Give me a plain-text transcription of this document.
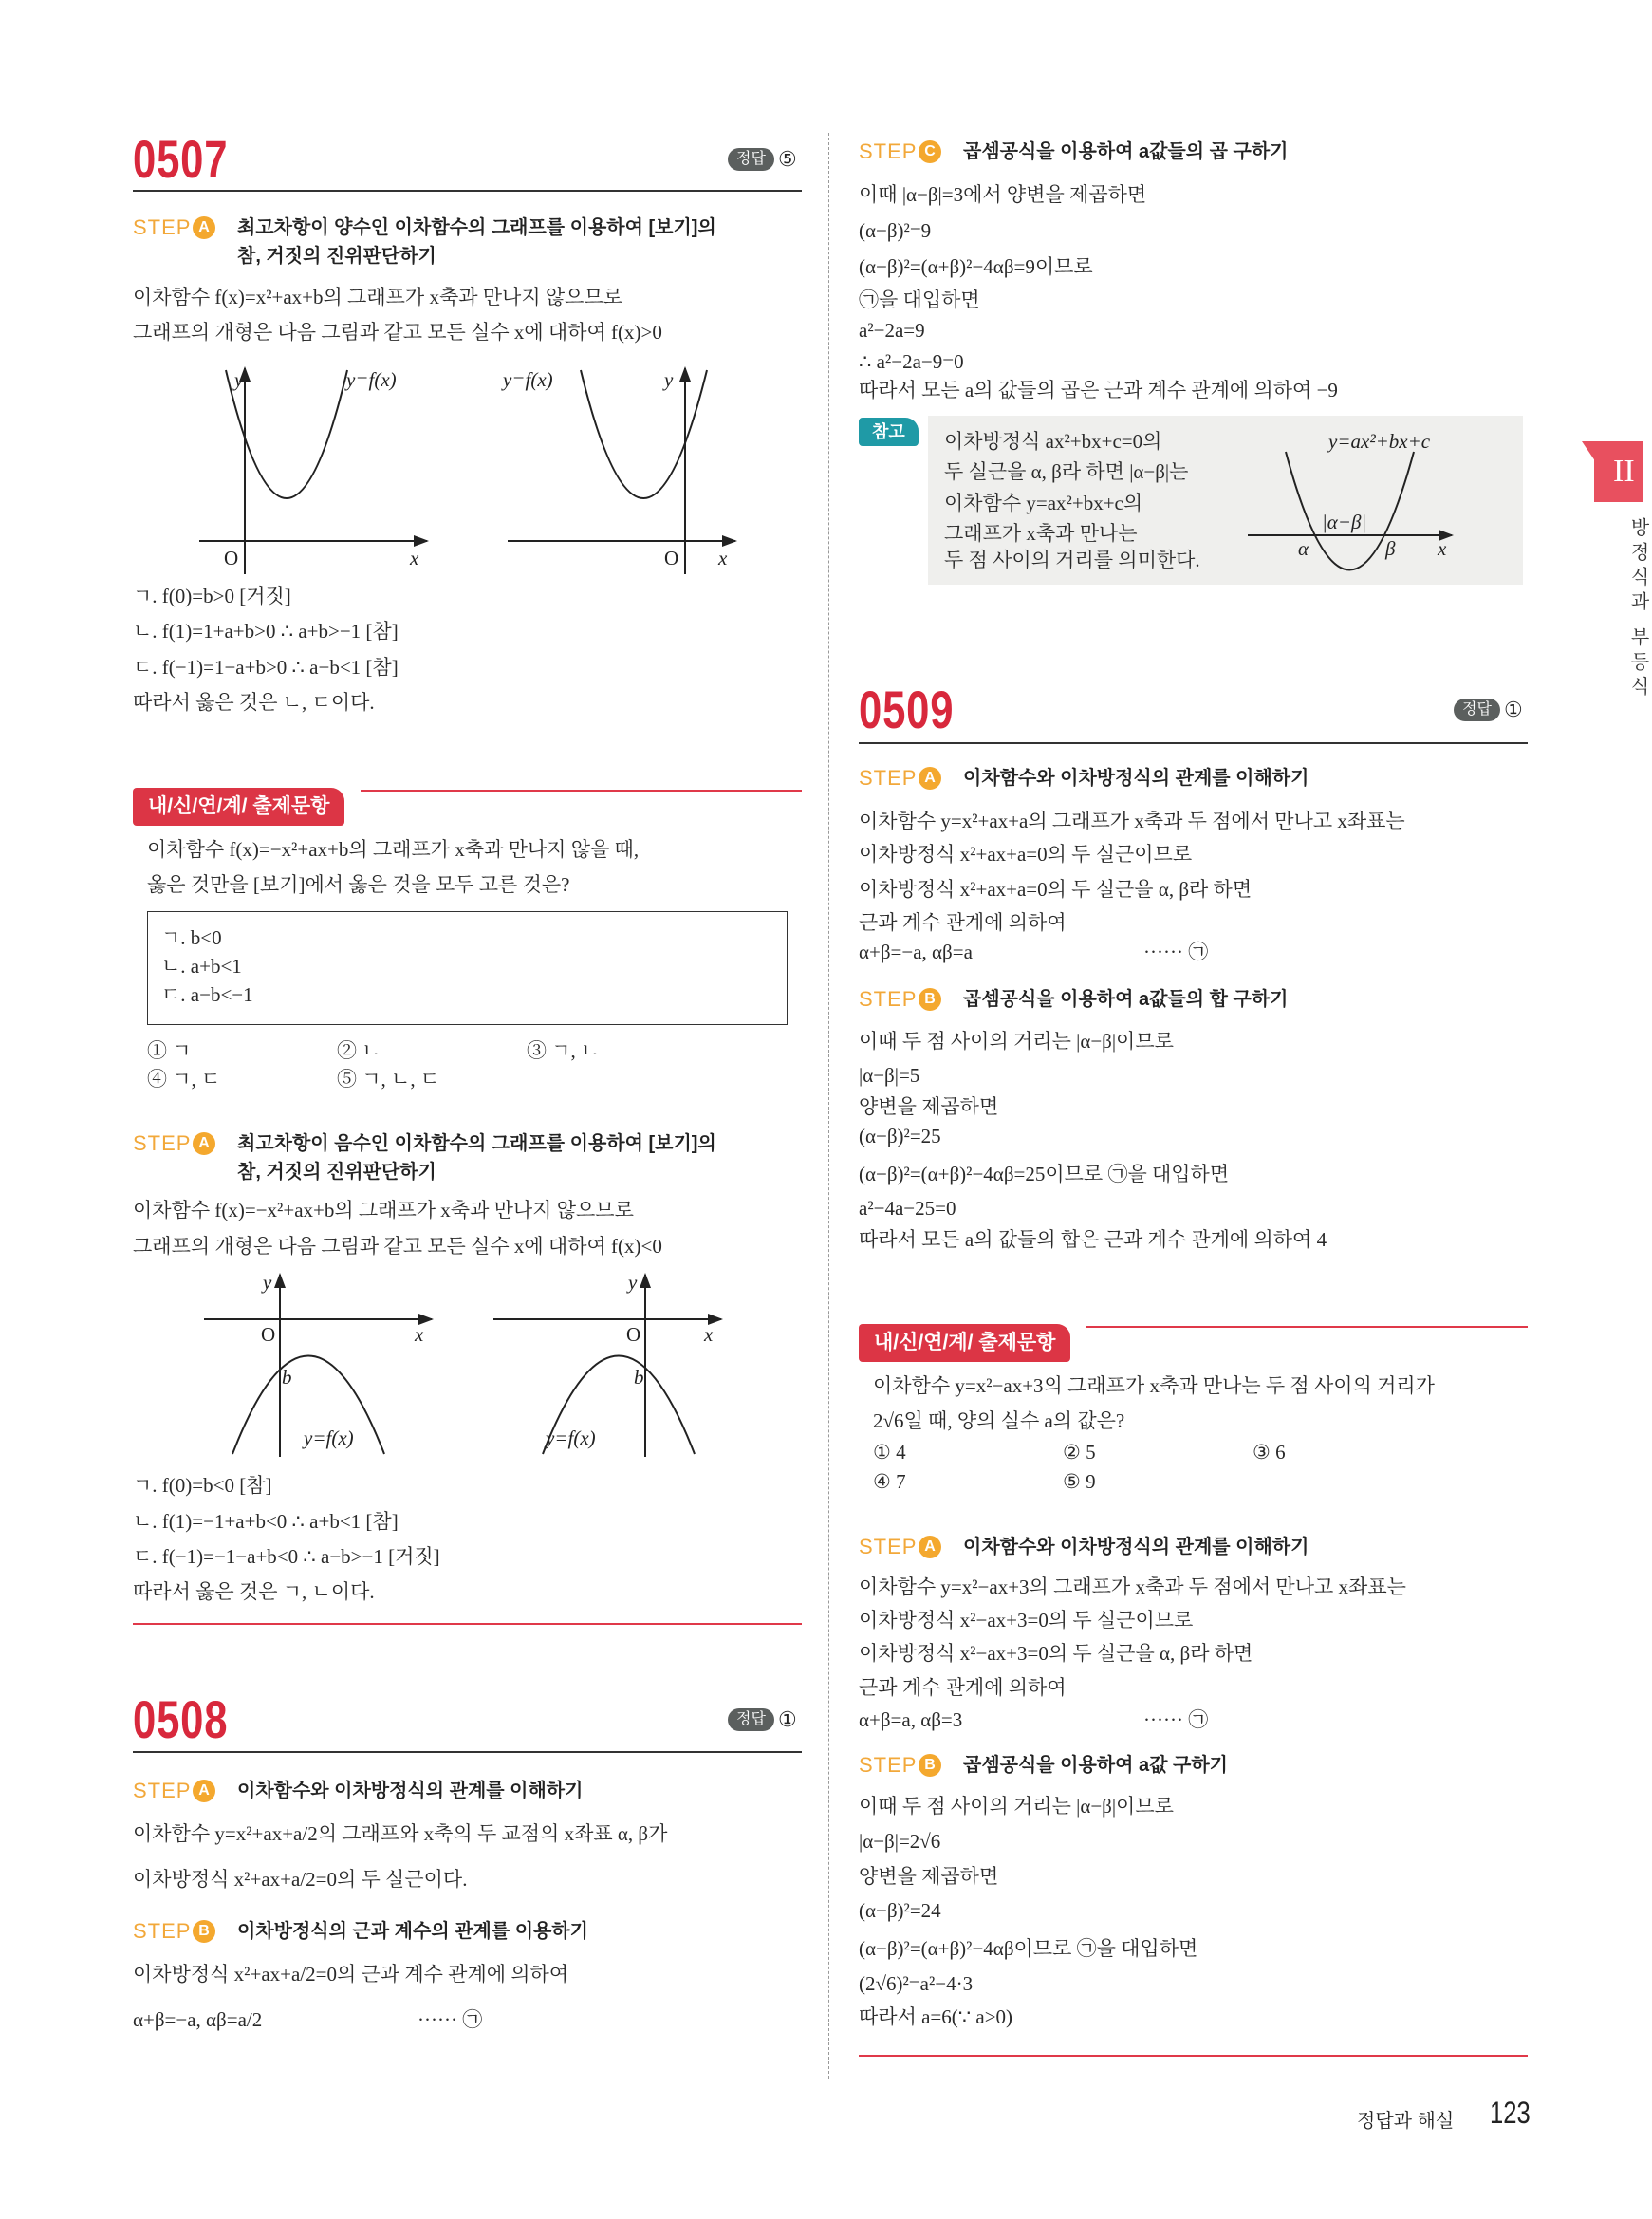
II
방정식과 부등식
y	y=f(x)
O	x
y=f(x)	y
O x
y
O	x
b
y=f(x)
y
O	x
b
y=f(x)
y=ax²+bx+c
|α−β|
α	β x
0507	정답 ⑤
STEP A	최고차항이 양수인 이차함수의 그래프를 이용하여 [보기]의
참, 거짓의 진위판단하기
이차함수 f(x)=x²+ax+b의 그래프가 x축과 만나지 않으므로
그래프의 개형은 다음 그림과 같고 모든 실수 x에 대하여 f(x)>0
ㄱ. f(0)=b>0 [거짓]
ㄴ. f(1)=1+a+b>0 ∴ a+b>−1 [참]
ㄷ. f(−1)=1−a+b>0 ∴ a−b<1 [참]
따라서 옳은 것은 ㄴ, ㄷ이다.
내/신/연/계/ 출제문항
이차함수 f(x)=−x²+ax+b의 그래프가 x축과 만나지 않을 때,
옳은 것만을 [보기]에서 옳은 것을 모두 고른 것은?
ㄱ. b<0
ㄴ. a+b<1
ㄷ. a−b<−1
① ㄱ	② ㄴ	③ ㄱ, ㄴ
④ ㄱ, ㄷ	⑤ ㄱ, ㄴ, ㄷ
STEP A	최고차항이 음수인 이차함수의 그래프를 이용하여 [보기]의
참, 거짓의 진위판단하기
이차함수 f(x)=−x²+ax+b의 그래프가 x축과 만나지 않으므로
그래프의 개형은 다음 그림과 같고 모든 실수 x에 대하여 f(x)<0
ㄱ. f(0)=b<0 [참]
ㄴ. f(1)=−1+a+b<0 ∴ a+b<1 [참]
ㄷ. f(−1)=−1−a+b<0 ∴ a−b>−1 [거짓]
따라서 옳은 것은 ㄱ, ㄴ이다.
0508	정답 ①
STEP A	이차함수와 이차방정식의 관계를 이해하기
이차함수 y=x²+ax+a/2의 그래프와 x축의 두 교점의 x좌표 α, β가
이차방정식 x²+ax+a/2=0의 두 실근이다.
STEP B	이차방정식의 근과 계수의 관계를 이용하기
이차방정식 x²+ax+a/2=0의 근과 계수 관계에 의하여
α+β=−a, αβ=a/2	······ ㉠
STEP C	곱셈공식을 이용하여 a값들의 곱 구하기
이때 |α−β|=3에서 양변을 제곱하면
(α−β)²=9
(α−β)²=(α+β)²−4αβ=9이므로
㉠을 대입하면
a²−2a=9
∴ a²−2a−9=0
따라서 모든 a의 값들의 곱은 근과 계수 관계에 의하여 −9
참고	이차방정식 ax²+bx+c=0의
두 실근을 α, β라 하면 |α−β|는
이차함수 y=ax²+bx+c의
그래프가 x축과 만나는
두 점 사이의 거리를 의미한다.
0509	정답 ①
STEP A	이차함수와 이차방정식의 관계를 이해하기
이차함수 y=x²+ax+a의 그래프가 x축과 두 점에서 만나고 x좌표는
이차방정식 x²+ax+a=0의 두 실근이므로
이차방정식 x²+ax+a=0의 두 실근을 α, β라 하면
근과 계수 관계에 의하여
α+β=−a, αβ=a	······ ㉠
STEP B	곱셈공식을 이용하여 a값들의 합 구하기
이때 두 점 사이의 거리는 |α−β|이므로
|α−β|=5
양변을 제곱하면
(α−β)²=25
(α−β)²=(α+β)²−4αβ=25이므로 ㉠을 대입하면
a²−4a−25=0
따라서 모든 a의 값들의 합은 근과 계수 관계에 의하여 4
내/신/연/계/ 출제문항
이차함수 y=x²−ax+3의 그래프가 x축과 만나는 두 점 사이의 거리가
2√6일 때, 양의 실수 a의 값은?
① 4	② 5	③ 6
④ 7	⑤ 9
STEP A	이차함수와 이차방정식의 관계를 이해하기
이차함수 y=x²−ax+3의 그래프가 x축과 두 점에서 만나고 x좌표는
이차방정식 x²−ax+3=0의 두 실근이므로
이차방정식 x²−ax+3=0의 두 실근을 α, β라 하면
근과 계수 관계에 의하여
α+β=a, αβ=3	······ ㉠
STEP B	곱셈공식을 이용하여 a값 구하기
이때 두 점 사이의 거리는 |α−β|이므로
|α−β|=2√6
양변을 제곱하면
(α−β)²=24
(α−β)²=(α+β)²−4αβ이므로 ㉠을 대입하면
(2√6)²=a²−4·3
따라서 a=6(∵ a>0)
정답과 해설 123
